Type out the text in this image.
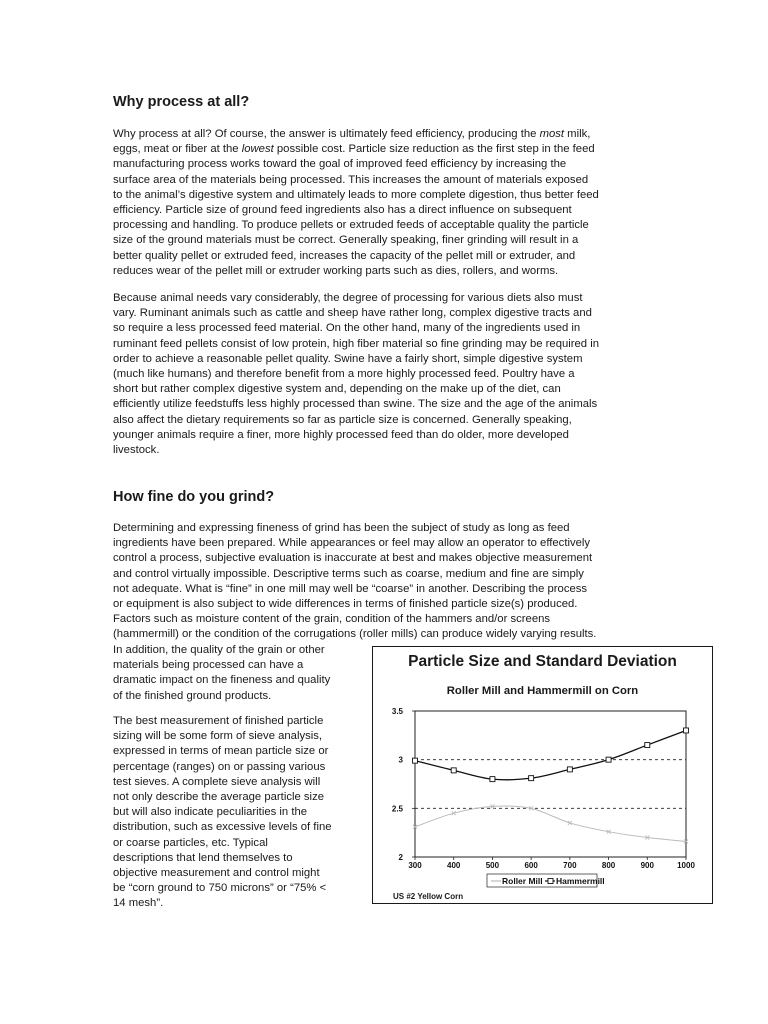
Why process at all?
Why process at all? Of course, the answer is ultimately feed efficiency, producing the most milk,
eggs, meat or fiber at the lowest possible cost. Particle size reduction as the first step in the feed
manufacturing process works toward the goal of improved feed efficiency by increasing the
surface area of the materials being processed. This increases the amount of materials exposed
to the animal’s digestive system and ultimately leads to more complete digestion, thus better feed
efficiency. Particle size of ground feed ingredients also has a direct influence on subsequent
processing and handling. To produce pellets or extruded feeds of acceptable quality the particle
size of the ground materials must be correct. Generally speaking, finer grinding will result in a
better quality pellet or extruded feed, increases the capacity of the pellet mill or extruder, and
reduces wear of the pellet mill or extruder working parts such as dies, rollers, and worms.
Because animal needs vary considerably, the degree of processing for various diets also must
vary. Ruminant animals such as cattle and sheep have rather long, complex digestive tracts and
so require a less processed feed material. On the other hand, many of the ingredients used in
ruminant feed pellets consist of low protein, high fiber material so fine grinding may be required in
order to achieve a reasonable pellet quality. Swine have a fairly short, simple digestive system
(much like humans) and therefore benefit from a more highly processed feed. Poultry have a
short but rather complex digestive system and, depending on the make up of the diet, can
efficiently utilize feedstuffs less highly processed than swine. The size and the age of the animals
also affect the dietary requirements so far as particle size is concerned. Generally speaking,
younger animals require a finer, more highly processed feed than do older, more developed
livestock.
How fine do you grind?
Determining and expressing fineness of grind has been the subject of study as long as feed
ingredients have been prepared. While appearances or feel may allow an operator to effectively
control a process, subjective evaluation is inaccurate at best and makes objective measurement
and control virtually impossible. Descriptive terms such as coarse, medium and fine are simply
not adequate. What is “fine” in one mill may well be “coarse” in another. Describing the process
or equipment is also subject to wide differences in terms of finished particle size(s) produced.
Factors such as moisture content of the grain, condition of the hammers and/or screens
(hammermill) or the condition of the corrugations (roller mills) can produce widely varying results.
In addition, the quality of the grain or other
materials being processed can have a
dramatic impact on the fineness and quality
of the finished ground products.
The best measurement of finished particle
sizing will be some form of sieve analysis,
expressed in terms of mean particle size or
percentage (ranges) on or passing various
test sieves. A complete sieve analysis will
not only describe the average particle size
but will also indicate peculiarities in the
distribution, such as excessive levels of fine
or coarse particles, etc. Typical
descriptions that lend themselves to
objective measurement and control might
be “corn ground to 750 microns” or “75% <
14 mesh”.
Particle Size and Standard Deviation
Roller Mill and Hammermill on Corn
2
2.5
3
3.5
300	400	500	600	700	800	900	1000
Roller Mill Hammermill
US #2 Yellow Corn
